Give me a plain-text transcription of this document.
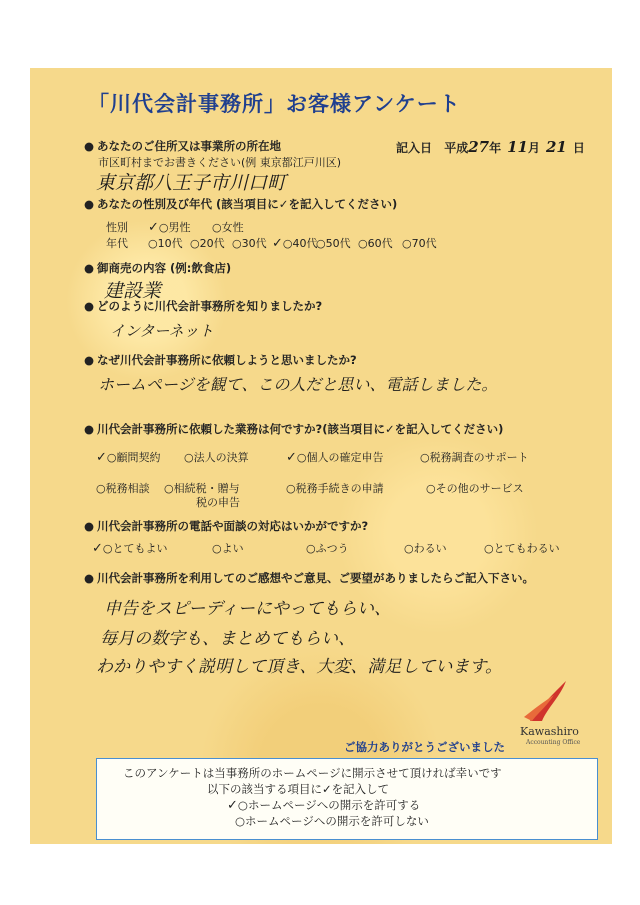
「川代会計事務所」お客様アンケート
記入日 平成27年 11月 21 日
● あなたのご住所又は事業所の所在地
市区町村までお書きください(例 東京都江戸川区)
東京都八王子市川口町
● あなたの性別及び年代 (該当項目に✓を記入してください)
性別 ✓○男性 ○女性
年代 ○10代 ○20代 ○30代 ✓○40代
○50代 ○60代 ○70代
● 御商売の内容 (例:飲食店)
建設業
● どのように川代会計事務所を知りましたか?
インターネット
● なぜ川代会計事務所に依頼しようと思いましたか?
ホームページを観て、この人だと思い、電話しました。
● 川代会計事務所に依頼した業務は何ですか?(該当項目に✓を記入してください)
✓○顧問契約 ○法人の決算	✓○個人の確定申告	○税務調査のサポート
○税務相談 ○相続税・贈与
税の申告
○税務手続きの申請	○その他のサービス
● 川代会計事務所の電話や面談の対応はいかがですか?
✓○とてもよい	○よい	○ふつう	○わるい	○とてもわるい
● 川代会計事務所を利用してのご感想やご意見、ご要望がありましたらご記入下さい。
申告をスピーディーにやってもらい、
毎月の数字も、まとめてもらい、
わかりやすく説明して頂き、大変、満足しています。
Kawashiro
Accounting Office
ご協力ありがとうございました
このアンケートは当事務所のホームページに開示させて頂ければ幸いです
以下の該当する項目に✓を記入して
✓○ホームページへの開示を許可する
○ホームページへの開示を許可しない
